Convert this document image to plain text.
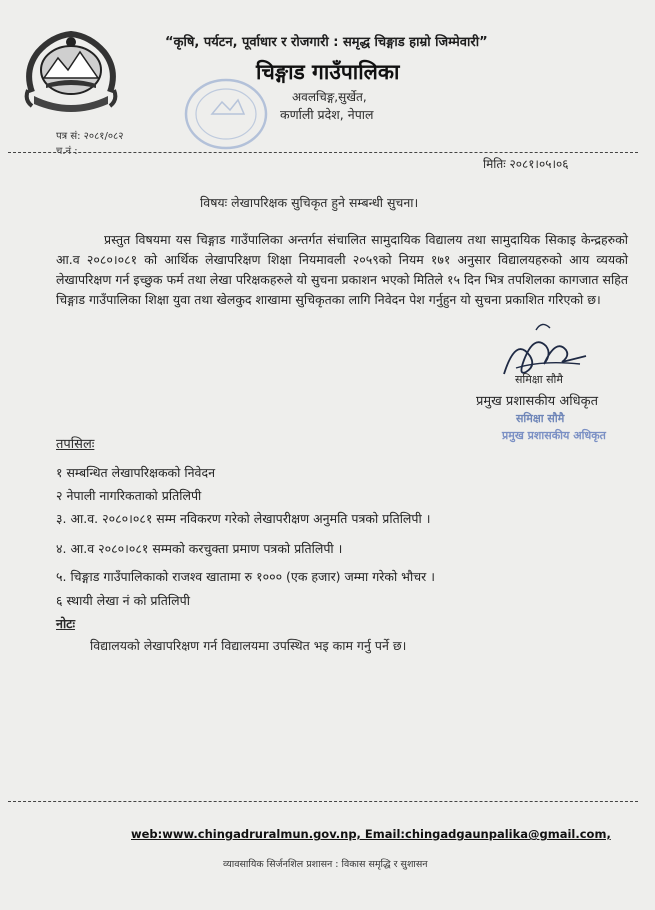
“कृषि, पर्यटन, पूर्वाधार र रोजगारी : समृद्ध चिङ्गाड हाम्रो जिम्मेवारी”
चिङ्गाड गाउँपालिका
अवलचिङ्ग,सुर्खेत,
कर्णाली प्रदेश, नेपाल
पत्र सं: २०८१/०८२
च.नं :
मितिः २०८१।०५।०६
विषयः लेखापरिक्षक सुचिकृत हुने सम्बन्धी सुचना।
प्रस्तुत विषयमा यस चिङ्गाड गाउँपालिका अन्तर्गत संचालित सामुदायिक विद्यालय तथा सामुदायिक सिकाइ केन्द्रहरुको आ.व २०८०।०८१ को आर्थिक लेखापरिक्षण शिक्षा नियमावली २०५९को नियम १७१ अनुसार विद्यालयहरुको आय व्ययको लेखापरिक्षण गर्न इच्छुक फर्म तथा लेखा परिक्षकहरुले यो सुचना प्रकाशन भएको मितिले १५ दिन भित्र तपशिलका कागजात सहित चिङ्गाड गाउँपालिका शिक्षा युवा तथा खेलकुद शाखामा सुचिकृतका लागि निवेदन पेश गर्नुहुन यो सुचना प्रकाशित गरिएको छ।
समिक्षा सौमै
प्रमुख प्रशासकीय अधिकृत
समिक्षा सौमै
प्रमुख प्रशासकीय अधिकृत
तपसिलः
१ सम्बन्धित लेखापरिक्षकको निवेदन
२ नेपाली नागरिकताको प्रतिलिपी
३. आ.व. २०८०।०८१ सम्म नविकरण गरेको लेखापरीक्षण अनुमति पत्रको प्रतिलिपी ।
४. आ.व २०८०।०८१ सम्मको करचुक्ता प्रमाण पत्रको प्रतिलिपी ।
५. चिङ्गाड गाउँपालिकाको राजश्व खातामा रु १००० (एक हजार) जम्मा गरेको भौचर ।
६ स्थायी लेखा नं को प्रतिलिपी
नोटः
विद्यालयको लेखापरिक्षण गर्न विद्यालयमा उपस्थित भइ काम गर्नु पर्ने छ।
web:www.chingadruralmun.gov.np, Email:chingadgaunpalika@gmail.com,
व्यावसायिक सिर्जनशिल प्रशासन : विकास समृद्धि र सुशासन
